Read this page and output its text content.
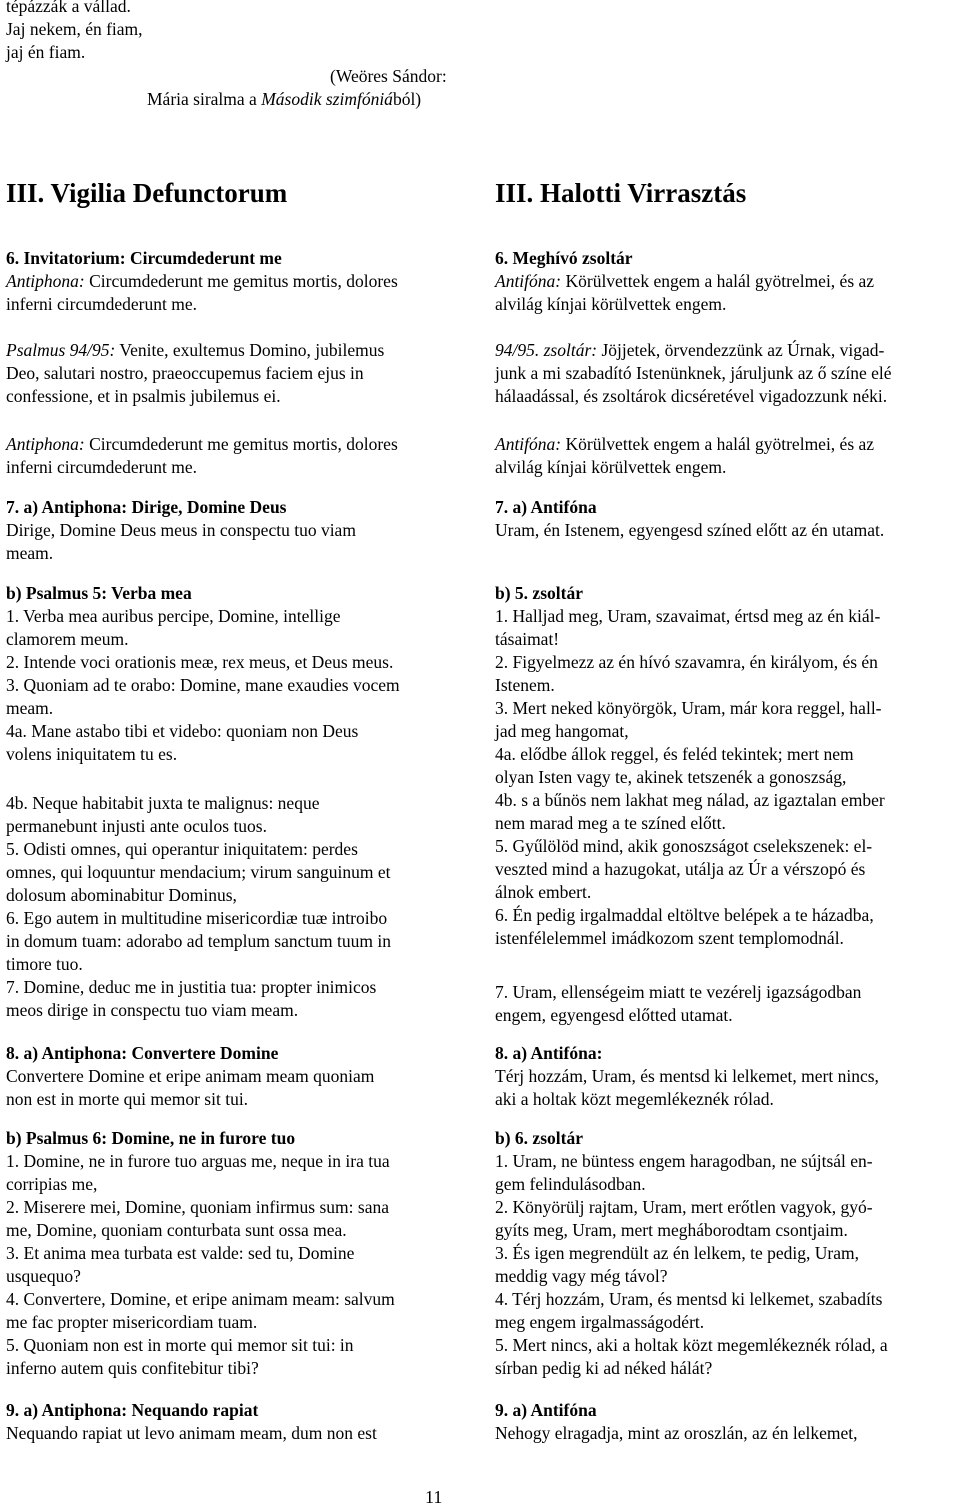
tépázzák a vállad.
Jaj nekem, én fiam,
jaj én fiam.
(Weöres Sándor:
Mária siralma a Második szimfóniából)
III. Vigilia Defunctorum	III. Halotti Virrasztás

6. Invitatorium: Circumdederunt me

Antiphona: Circumdederunt me gemitus mortis, dolores

inferni circumdederunt me.

Psalmus 94/95: Venite, exultemus Domino, jubilemus

Deo, salutari nostro, praeoccupemus faciem ejus in

confessione, et in psalmis jubilemus ei.

Antiphona: Circumdederunt me gemitus mortis, dolores

inferni circumdederunt me.

7. a) Antiphona: Dirige, Domine Deus

Dirige, Domine Deus meus in conspectu tuo viam

meam.

b) Psalmus 5: Verba mea

1. Verba mea auribus percipe, Domine, intellige

clamorem meum.

2. Intende voci orationis meæ, rex meus, et Deus meus.

3. Quoniam ad te orabo: Domine, mane exaudies vocem

meam.

4a. Mane astabo tibi et videbo: quoniam non Deus

volens iniquitatem tu es.

4b. Neque habitabit juxta te malignus: neque

permanebunt injusti ante oculos tuos.

5. Odisti omnes, qui operantur iniquitatem: perdes

omnes, qui loquuntur mendacium; virum sanguinum et

dolosum abominabitur Dominus,

6. Ego autem in multitudine misericordiæ tuæ introibo

in domum tuam: adorabo ad templum sanctum tuum in

timore tuo.

7. Domine, deduc me in justitia tua: propter inimicos

meos dirige in conspectu tuo viam meam.

8. a) Antiphona: Convertere Domine

Convertere Domine et eripe animam meam quoniam

non est in morte qui memor sit tui.

b) Psalmus 6: Domine, ne in furore tuo

1. Domine, ne in furore tuo arguas me, neque in ira tua

corripias me,

2. Miserere mei, Domine, quoniam infirmus sum: sana

me, Domine, quoniam conturbata sunt ossa mea.

3. Et anima mea turbata est valde: sed tu, Domine

usquequo?

4. Convertere, Domine, et eripe animam meam: salvum

me fac propter misericordiam tuam.

5. Quoniam non est in morte qui memor sit tui: in

inferno autem quis confitebitur tibi?

9. a) Antiphona: Nequando rapiat

Nequando rapiat ut levo animam meam, dum non est

6. Meghívó zsoltár

Antifóna: Körülvettek engem a halál gyötrelmei, és az

alvilág kínjai körülvettek engem.

94/95. zsoltár: Jöjjetek, örvendezzünk az Úrnak, vigad-

junk a mi szabadító Istenünknek, járuljunk az ő színe elé

hálaadással, és zsoltárok dicséretével vigadozzunk néki.

Antifóna: Körülvettek engem a halál gyötrelmei, és az

alvilág kínjai körülvettek engem.

7. a) Antifóna

Uram, én Istenem, egyengesd színed előtt az én utamat.

b) 5. zsoltár

1. Halljad meg, Uram, szavaimat, értsd meg az én kiál-

tásaimat!

2. Figyelmezz az én hívó szavamra, én királyom, és én

Istenem.

3. Mert neked könyörgök, Uram, már kora reggel, hall-

jad meg hangomat,

4a. elődbe állok reggel, és feléd tekintek; mert nem

olyan Isten vagy te, akinek tetszenék a gonoszság,

4b. s a bűnös nem lakhat meg nálad, az igaztalan ember

nem marad meg a te színed előtt.

5. Gyűlölöd mind, akik gonoszságot cselekszenek: el-

veszted mind a hazugokat, utálja az Úr a vérszopó és

álnok embert.

6. Én pedig irgalmaddal eltöltve belépek a te házadba,

istenfélelemmel imádkozom szent templomodnál.

7. Uram, ellenségeim miatt te vezérelj igazságodban

engem, egyengesd előtted utamat.

8. a) Antifóna:

Térj hozzám, Uram, és mentsd ki lelkemet, mert nincs,

aki a holtak közt megemlékeznék rólad.

b) 6. zsoltár

1. Uram, ne büntess engem haragodban, ne sújtsál en-

gem felindulásodban.

2. Könyörülj rajtam, Uram, mert erőtlen vagyok, gyó-

gyíts meg, Uram, mert megháborodtam csontjaim.

3. És igen megrendült az én lelkem, te pedig, Uram,

meddig vagy még távol?

4. Térj hozzám, Uram, és mentsd ki lelkemet, szabadíts

meg engem irgalmasságodért.

5. Mert nincs, aki a holtak közt megemlékeznék rólad, a

sírban pedig ki ad néked hálát?

9. a) Antifóna

Nehogy elragadja, mint az oroszlán, az én lelkemet,

11
